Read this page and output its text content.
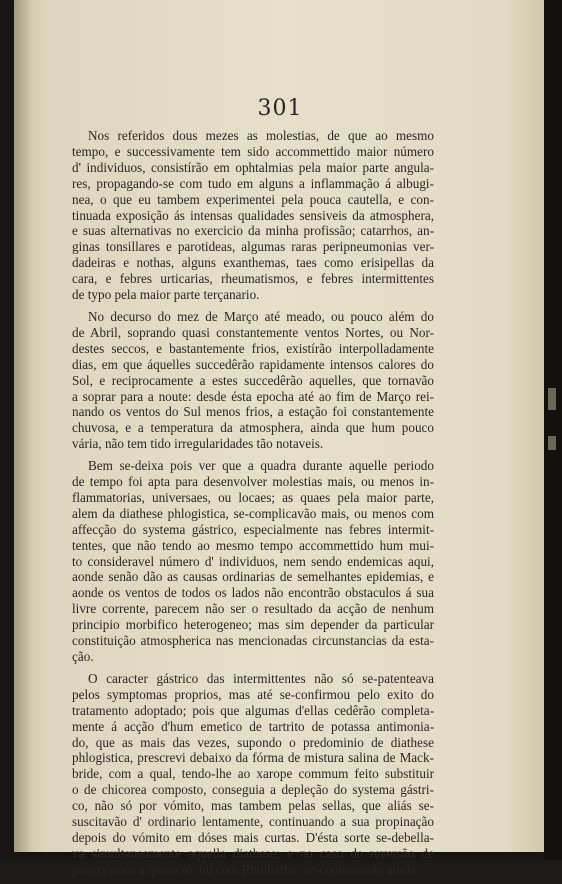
301
Nos referidos dous mezes as molestias, de que ao mesmo
tempo, e successivamente tem sido accommettido maior número
d' individuos, consistírão em ophtalmias pela maior parte angula-
res, propagando-se com tudo em alguns a inflammação á albugi-
nea, o que eu tambem experimentei pela pouca cautella, e con-
tinuada exposição ás intensas qualidades sensiveis da atmosphera,
e suas alternativas no exercicio da minha profissão; catarrhos, an-
ginas tonsillares e parotideas, algumas raras peripneumonias ver-
dadeiras e nothas, alguns exanthemas, taes como erisipellas da
cara, e febres urticarias, rheumatismos, e febres intermittentes
de typo pela maior parte terçanario.
No decurso do mez de Março até meado, ou pouco além do
de Abril, soprando quasi constantemente ventos Nortes, ou Nor-
destes seccos, e bastantemente frios, existírão interpolladamente
dias, em que áquelles succedêrão rapidamente intensos calores do
Sol, e reciprocamente a estes succedêrão aquelles, que tornavão
a soprar para a noute: desde ésta epocha até ao fim de Março rei-
nando os ventos do Sul menos frios, a estação foi constantemente
chuvosa, e a temperatura da atmosphera, ainda que hum pouco
vária, não tem tido irregularidades tão notaveis.
Bem se-deixa pois ver que a quadra durante aquelle periodo
de tempo foi apta para desenvolver molestias mais, ou menos in-
flammatorias, universaes, ou locaes; as quaes pela maior parte,
alem da diathese phlogistica, se-complicavão mais, ou menos com
affecção do systema gástrico, especialmente nas febres intermit-
tentes, que não tendo ao mesmo tempo accommettido hum mui-
to consideravel número d' individuos, nem sendo endemicas aqui,
aonde senão dão as causas ordinarias de semelhantes epidemias, e
aonde os ventos de todos os lados não encontrão obstaculos á sua
livre corrente, parecem não ser o resultado da acção de nenhum
principio morbifico heterogeneo; mas sim depender da particular
constituição atmospherica nas mencionadas circunstancias da esta-
ção.
O caracter gástrico das intermittentes não só se-patenteava
pelos symptomas proprios, mas até se-confirmou pelo exito do
tratamento adoptado; pois que algumas d'ellas cedêrão completa-
mente á acção d'hum emetico de tartrito de potassa antimonia-
do, que as mais das vezes, supondo o predominio de diathese
phlogistica, prescrevi debaixo da fórma de mistura salina de Mack-
bride, com a qual, tendo-lhe ao xarope commum feito substituir
o de chicorea composto, conseguia a depleção do systema gástri-
co, não só por vómito, mas tambem pelas sellas, que aliás se-
suscitavão d' ordinario lentamente, continuando a sua propinação
depois do vómito em dóses mais curtas. D'ésta sorte se-debella-
va simultaneamente aquella diathese; e no caso de reversão de
paroxysmos a quina só, ou com Rhuibarbo, se-continuavão ainda.
